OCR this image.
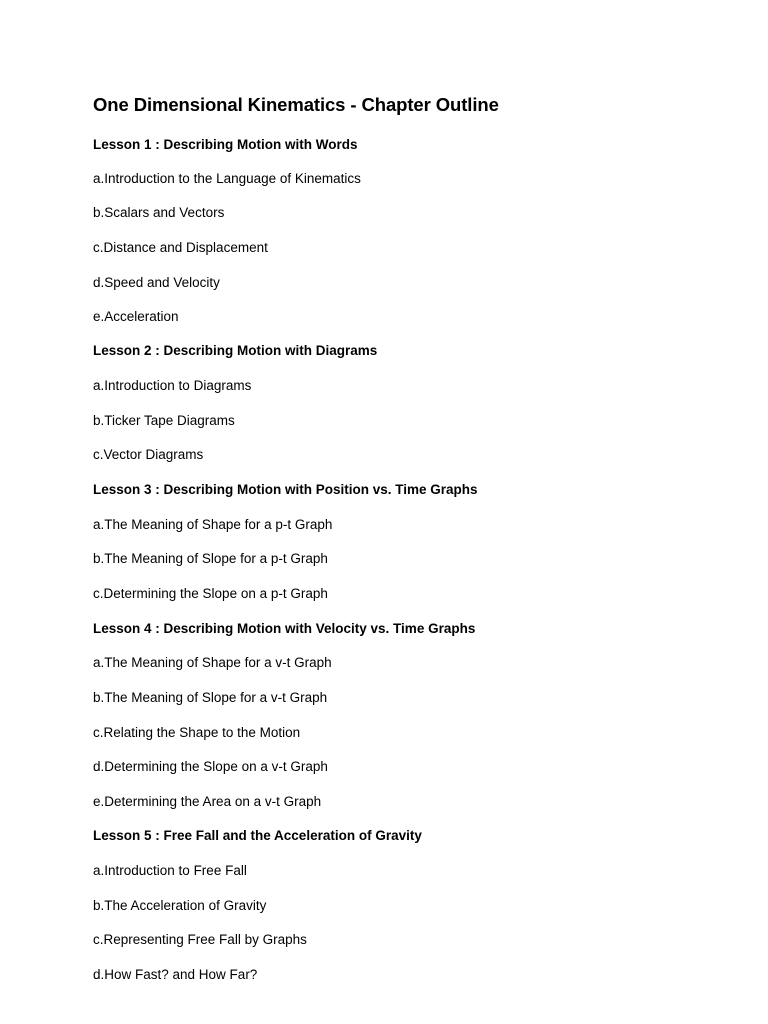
One Dimensional Kinematics - Chapter Outline
Lesson 1 : Describing Motion with Words
a.Introduction to the Language of Kinematics
b.Scalars and Vectors
c.Distance and Displacement
d.Speed and Velocity
e.Acceleration
Lesson 2 : Describing Motion with Diagrams
a.Introduction to Diagrams
b.Ticker Tape Diagrams
c.Vector Diagrams
Lesson 3 : Describing Motion with Position vs. Time Graphs
a.The Meaning of Shape for a p-t Graph
b.The Meaning of Slope for a p-t Graph
c.Determining the Slope on a p-t Graph
Lesson 4 : Describing Motion with Velocity vs. Time Graphs
a.The Meaning of Shape for a v-t Graph
b.The Meaning of Slope for a v-t Graph
c.Relating the Shape to the Motion
d.Determining the Slope on a v-t Graph
e.Determining the Area on a v-t Graph
Lesson 5 : Free Fall and the Acceleration of Gravity
a.Introduction to Free Fall
b.The Acceleration of Gravity
c.Representing Free Fall by Graphs
d.How Fast? and How Far?
